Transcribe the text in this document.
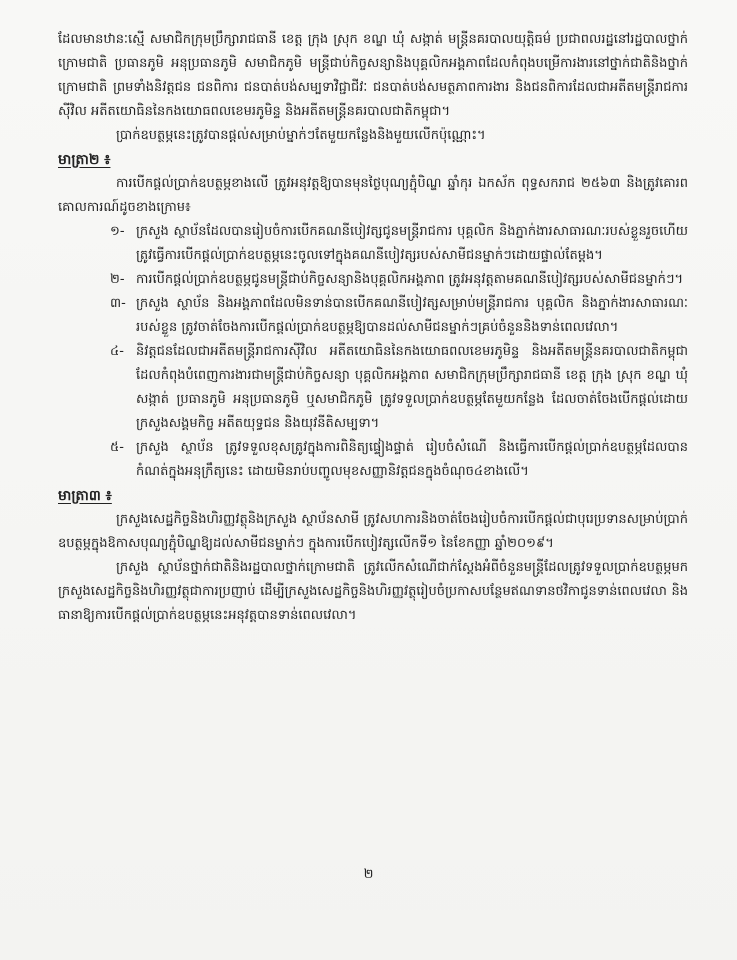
ដែលមានឋានៈស្មើ សមាជិកក្រុមប្រឹក្សារាជធានី ខេត្ត ក្រុង ស្រុក ខណ្ឌ ឃុំ សង្កាត់ មន្ត្រីនគរបាលយុត្តិធម៌ ប្រជាពលរដ្ឋនៅរដ្ឋបាលថ្នាក់ក្រោមជាតិ ប្រធានភូមិ អនុប្រធានភូមិ សមាជិកភូមិ មន្ត្រីជាប់កិច្ចសន្យានិងបុគ្គលិកអង្គភាពដែលកំពុងបម្រើការងារនៅថ្នាក់ជាតិនិងថ្នាក់ក្រោមជាតិ ព្រមទាំងនិវត្តជន ជនពិការ ជនបាត់បង់សម្បទាវិជ្ជាជីវៈ ជនបាត់បង់សមត្ថភាពការងារ និងជនពិការដែលជាអតីតមន្ត្រីរាជការស៊ីវិល អតីតយោធិននៃកងយោធពលខេមរភូមិន្ទ និងអតីតមន្ត្រីនគរបាលជាតិកម្ពុជា។

ប្រាក់ឧបត្ថម្ភនេះត្រូវបានផ្តល់សម្រាប់ម្នាក់ៗតែមួយកន្លែងនិងមួយលើកប៉ុណ្ណោះ។

មាត្រា២ ៖

ការបើកផ្តល់ប្រាក់ឧបត្ថម្ភខាងលើ ត្រូវអនុវត្តឱ្យបានមុនថ្ងៃបុណ្យភ្ជុំបិណ្ឌ ឆ្នាំកុរ ឯកស័ក ពុទ្ធសករាជ ២៥៦៣ និងត្រូវគោរពគោលការណ៍ដូចខាងក្រោម៖

១- ក្រសួង ស្ថាប័នដែលបានរៀបចំការបើកគណនីបៀវត្សជូនមន្ត្រីរាជការ បុគ្គលិក និងភ្នាក់ងារសាធារណៈរបស់ខ្លួនរួចហើយ ត្រូវធ្វើការបើកផ្តល់ប្រាក់ឧបត្ថម្ភនេះចូលទៅក្នុងគណនីបៀវត្សរបស់សាមីជនម្នាក់ៗដោយផ្ទាល់តែម្តង។
២- ការបើកផ្តល់ប្រាក់ឧបត្ថម្ភជូនមន្ត្រីជាប់កិច្ចសន្យានិងបុគ្គលិកអង្គភាព ត្រូវអនុវត្តតាមគណនីបៀវត្សរបស់សាមីជនម្នាក់ៗ។
៣- ក្រសួង ស្ថាប័ន និងអង្គភាពដែលមិនទាន់បានបើកគណនីបៀវត្សសម្រាប់មន្ត្រីរាជការ បុគ្គលិក និងភ្នាក់ងារសាធារណៈរបស់ខ្លួន ត្រូវចាត់ចែងការបើកផ្តល់ប្រាក់ឧបត្ថម្ភឱ្យបានដល់សាមីជនម្នាក់ៗគ្រប់ចំនួននិងទាន់ពេលវេលា។
៤- និវត្តជនដែលជាអតីតមន្ត្រីរាជការស៊ីវិល អតីតយោធិននៃកងយោធពលខេមរភូមិន្ទ និងអតីតមន្ត្រីនគរបាលជាតិកម្ពុជាដែលកំពុងបំពេញការងារជាមន្ត្រីជាប់កិច្ចសន្យា បុគ្គលិកអង្គភាព សមាជិកក្រុមប្រឹក្សារាជធានី ខេត្ត ក្រុង ស្រុក ខណ្ឌ ឃុំ សង្កាត់ ប្រធានភូមិ អនុប្រធានភូមិ ឬសមាជិកភូមិ ត្រូវទទួលប្រាក់ឧបត្ថម្ភតែមួយកន្លែង ដែលចាត់ចែងបើកផ្តល់ដោយក្រសួងសង្គមកិច្ច អតីតយុទ្ធជន និងយុវនីតិសម្បទា។
៥- ក្រសួង ស្ថាប័ន ត្រូវទទួលខុសត្រូវក្នុងការពិនិត្យផ្ទៀងផ្ទាត់ រៀបចំសំណើ និងធ្វើការបើកផ្តល់ប្រាក់ឧបត្ថម្ភដែលបានកំណត់ក្នុងអនុក្រឹត្យនេះ ដោយមិនរាប់បញ្ចូលមុខសញ្ញានិវត្តជនក្នុងចំណុច៤ខាងលើ។

មាត្រា៣ ៖

ក្រសួងសេដ្ឋកិច្ចនិងហិរញ្ញវត្ថុនិងក្រសួង ស្ថាប័នសាមី ត្រូវសហការនិងចាត់ចែងរៀបចំការបើកផ្តល់ជាបុរេប្រទានសម្រាប់ប្រាក់ឧបត្ថម្ភក្នុងឱកាសបុណ្យភ្ជុំបិណ្ឌឱ្យដល់សាមីជនម្នាក់ៗ ក្នុងការបើកបៀវត្សលើកទី១ នៃខែកញ្ញា ឆ្នាំ២០១៩។

ក្រសួង ស្ថាប័នថ្នាក់ជាតិនិងរដ្ឋបាលថ្នាក់ក្រោមជាតិ ត្រូវលើកសំណើជាក់ស្តែងអំពីចំនួនមន្ត្រីដែលត្រូវទទួលប្រាក់ឧបត្ថម្ភមកក្រសួងសេដ្ឋកិច្ចនិងហិរញ្ញវត្ថុជាការប្រញាប់ ដើម្បីក្រសួងសេដ្ឋកិច្ចនិងហិរញ្ញវត្ថុរៀបចំប្រកាសបន្ថែមឥណទានថវិកាជូនទាន់ពេលវេលា និង ធានាឱ្យការបើកផ្តល់ប្រាក់ឧបត្ថម្ភនេះអនុវត្តបានទាន់ពេលវេលា។

២
